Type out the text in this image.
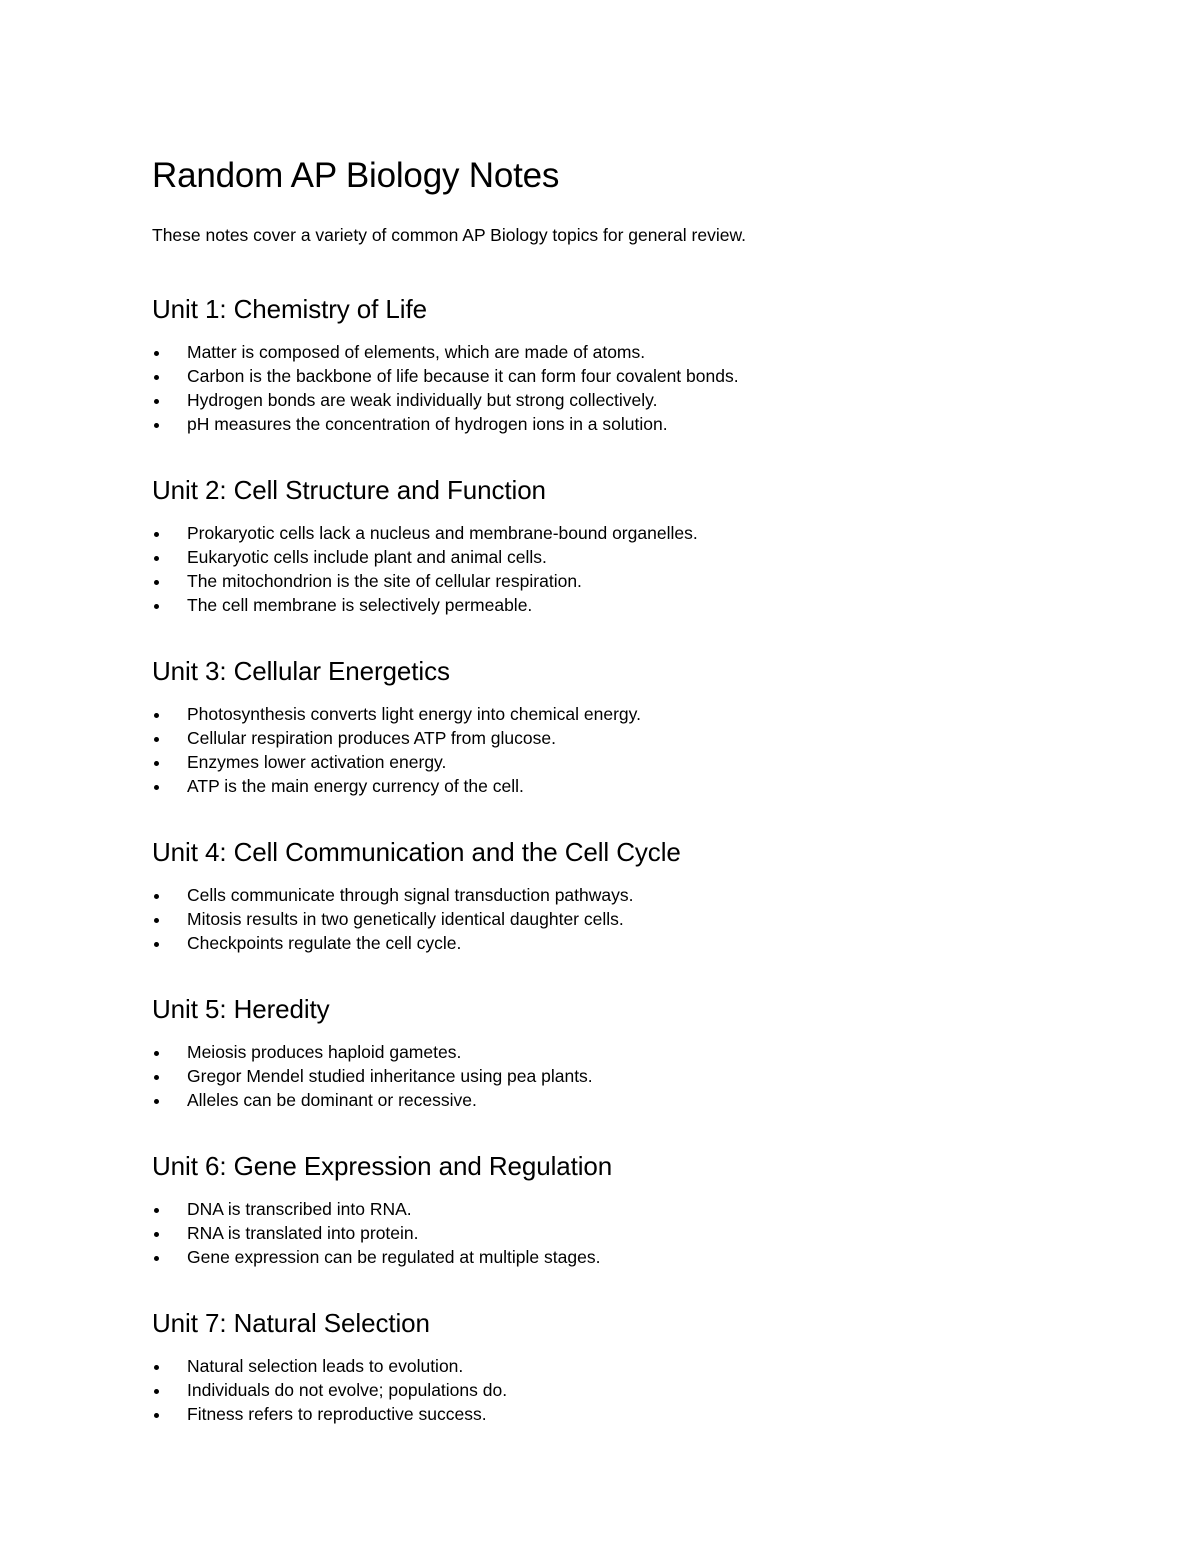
Random AP Biology Notes

These notes cover a variety of common AP Biology topics for general review.

Unit 1: Chemistry of Life
Matter is composed of elements, which are made of atoms.
Carbon is the backbone of life because it can form four covalent bonds.
Hydrogen bonds are weak individually but strong collectively.
pH measures the concentration of hydrogen ions in a solution.
Unit 2: Cell Structure and Function
Prokaryotic cells lack a nucleus and membrane-bound organelles.
Eukaryotic cells include plant and animal cells.
The mitochondrion is the site of cellular respiration.
The cell membrane is selectively permeable.
Unit 3: Cellular Energetics
Photosynthesis converts light energy into chemical energy.
Cellular respiration produces ATP from glucose.
Enzymes lower activation energy.
ATP is the main energy currency of the cell.
Unit 4: Cell Communication and the Cell Cycle
Cells communicate through signal transduction pathways.
Mitosis results in two genetically identical daughter cells.
Checkpoints regulate the cell cycle.
Unit 5: Heredity
Meiosis produces haploid gametes.
Gregor Mendel studied inheritance using pea plants.
Alleles can be dominant or recessive.
Unit 6: Gene Expression and Regulation
DNA is transcribed into RNA.
RNA is translated into protein.
Gene expression can be regulated at multiple stages.
Unit 7: Natural Selection
Natural selection leads to evolution.
Individuals do not evolve; populations do.
Fitness refers to reproductive success.
